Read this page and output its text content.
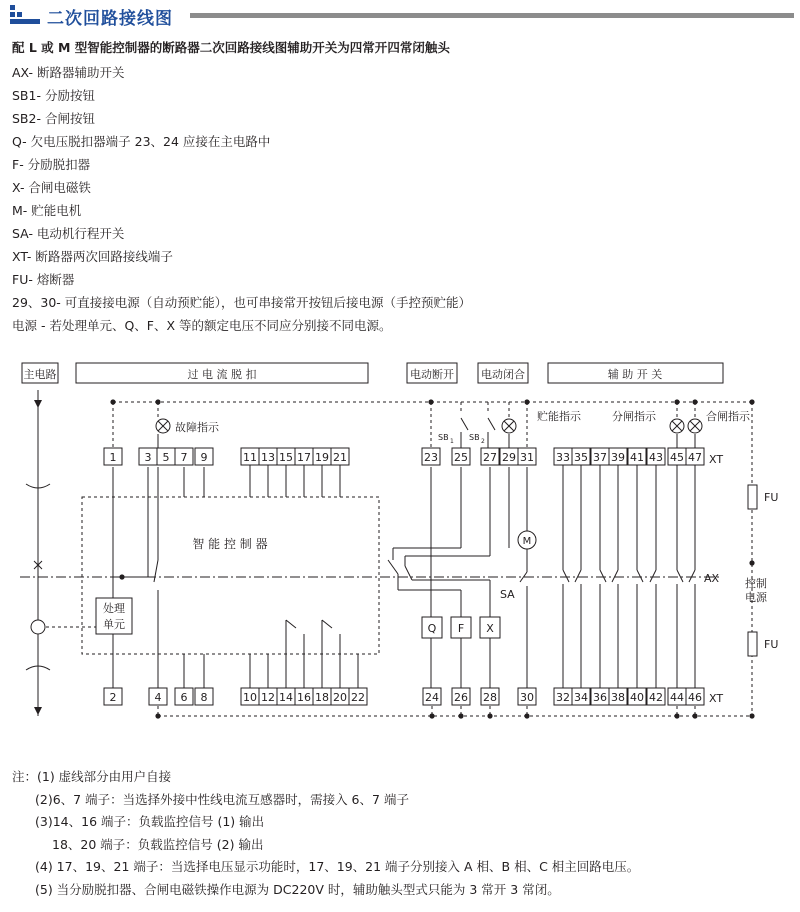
二次回路接线图
配 L 或 M 型智能控制器的断路器二次回路接线图辅助开关为四常开四常闭触头
AX- 断路器辅助开关
SB1- 分励按钮
SB2- 合闸按钮
Q- 欠电压脱扣器端子 23、24 应接在主电路中
F- 分励脱扣器
X- 合闸电磁铁
M- 贮能电机
SA- 电动机行程开关
XT- 断路器两次回路接线端子
FU- 熔断器
29、30- 可直接接电源（自动预贮能），也可串接常开按钮后接电源（手控预贮能）
电源 - 若处理单元、Q、F、X 等的额定电压不同应分别接不同电源。
1	3 5 7 9	11 13 15 17 19 21	23 25 27 29 31 33 35 37 39 41 43 45 47
2	4 6 8	10 12 14 16 18 20 22	24 26 28 30 32 34 36 38 40 42 44 46
主电路	过 电 流 脱 扣	电动断开 电动闭合	辅 助 开 关
智 能 控 制 器
处理
单元
故障指示
贮能指示	分闸指示	合闸指示
SB 1 SB 2
M
Q F X
SA
XT
XT
AX
FU
FU
控制
电源
注：(1) 虚线部分由用户自接
(2)6、7 端子：当选择外接中性线电流互感器时，需接入 6、7 端子
(3)14、16 端子：负载监控信号 (1) 输出
18、20 端子：负载监控信号 (2) 输出
(4) 17、19、21 端子：当选择电压显示功能时，17、19、21 端子分别接入 A 相、B 相、C 相主回路电压。
(5) 当分励脱扣器、合闸电磁铁操作电源为 DC220V 时，辅助触头型式只能为 3 常开 3 常闭。
